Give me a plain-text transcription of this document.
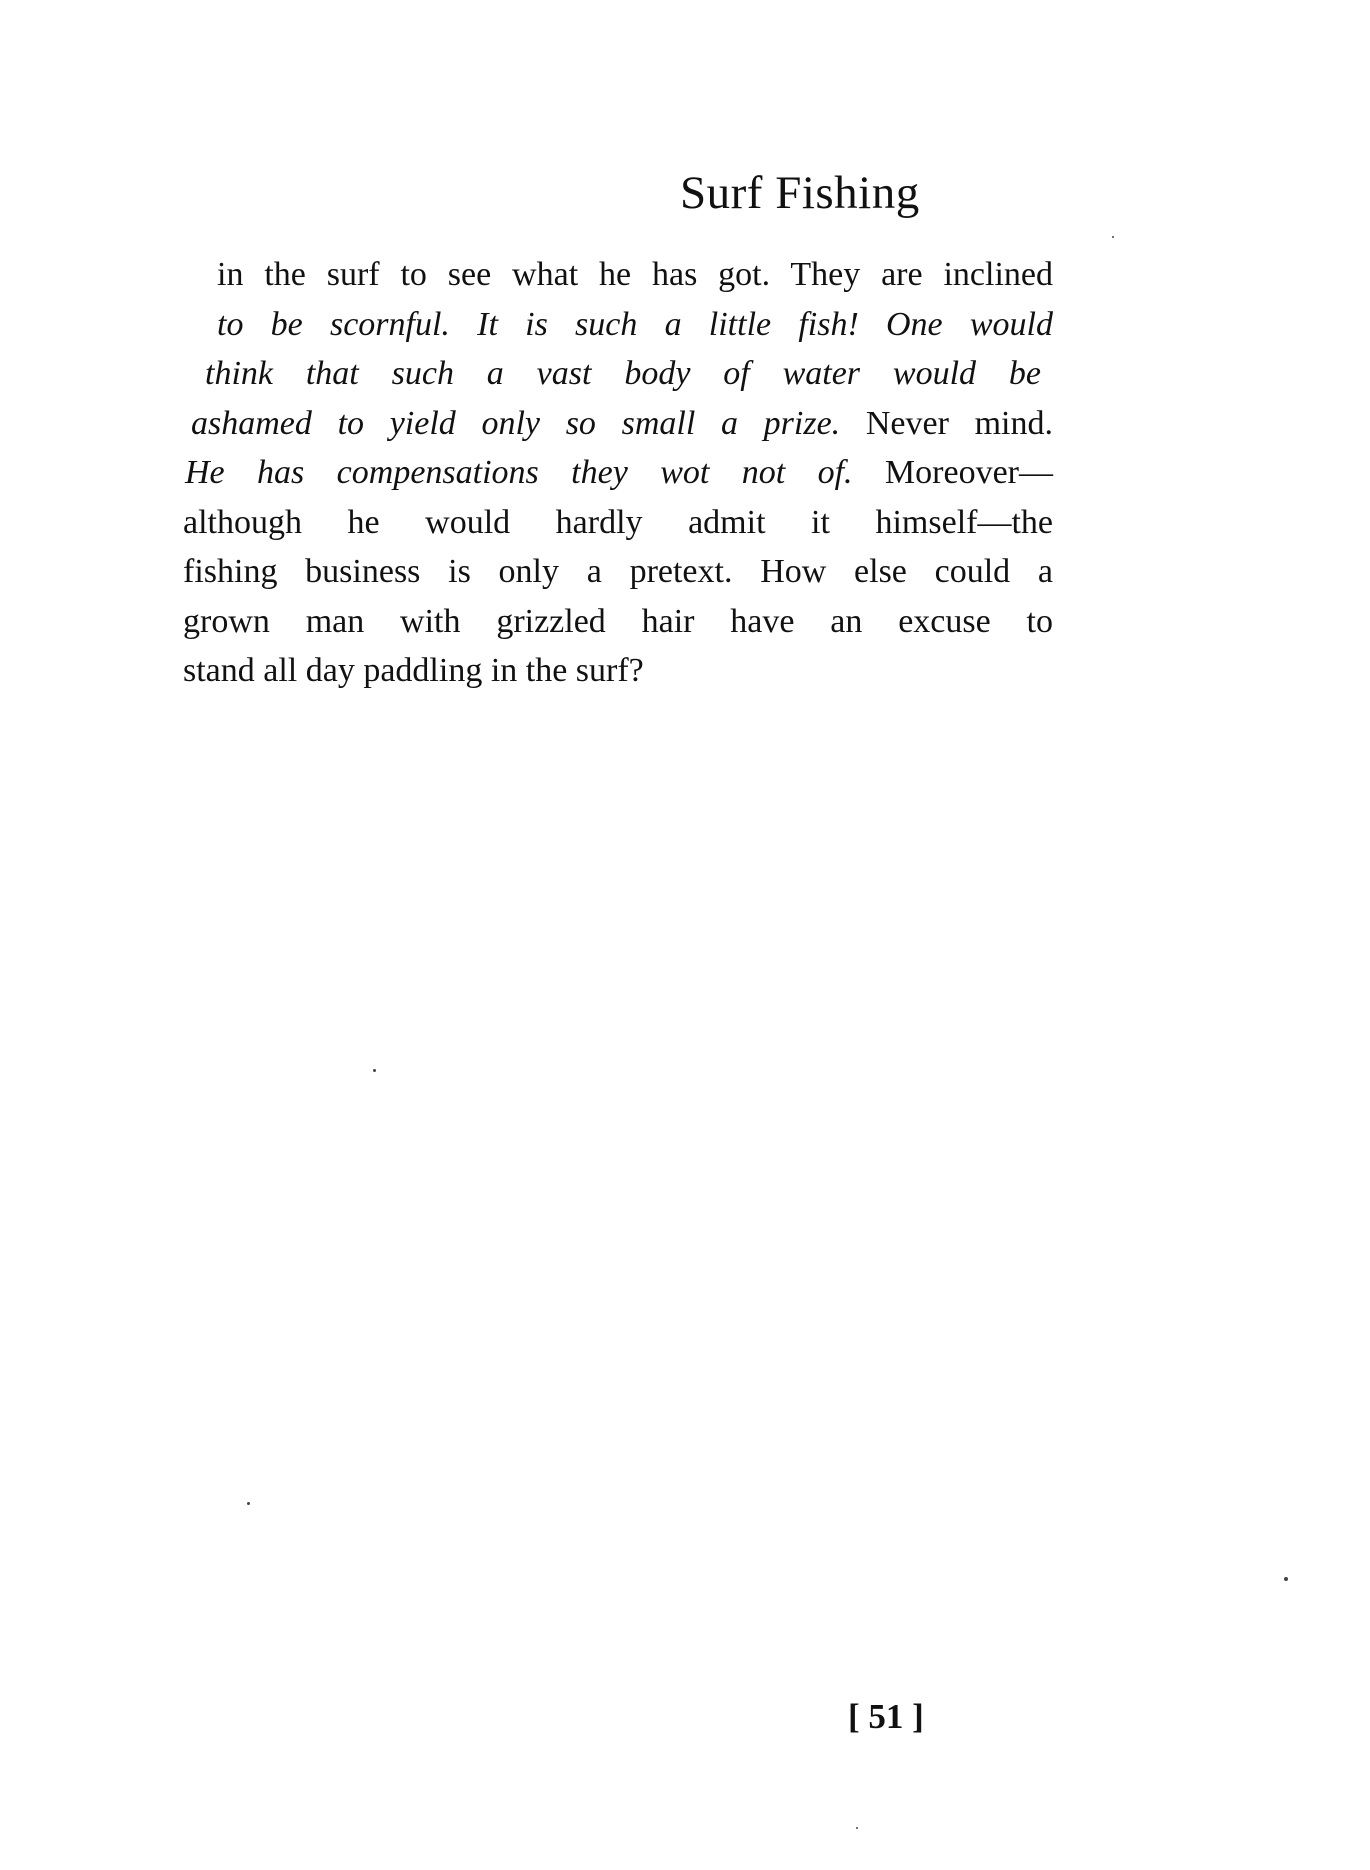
Surf Fishing
in the surf to see what he has got. They are inclined
to be scornful. It is such a little fish! One would
think that such a vast body of water would be
ashamed to yield only so small a prize. Never mind.
He has compensations they wot not of. Moreover—
although he would hardly admit it himself—the
fishing business is only a pretext. How else could a
grown man with grizzled hair have an excuse to
stand all day paddling in the surf?
[ 51 ]
